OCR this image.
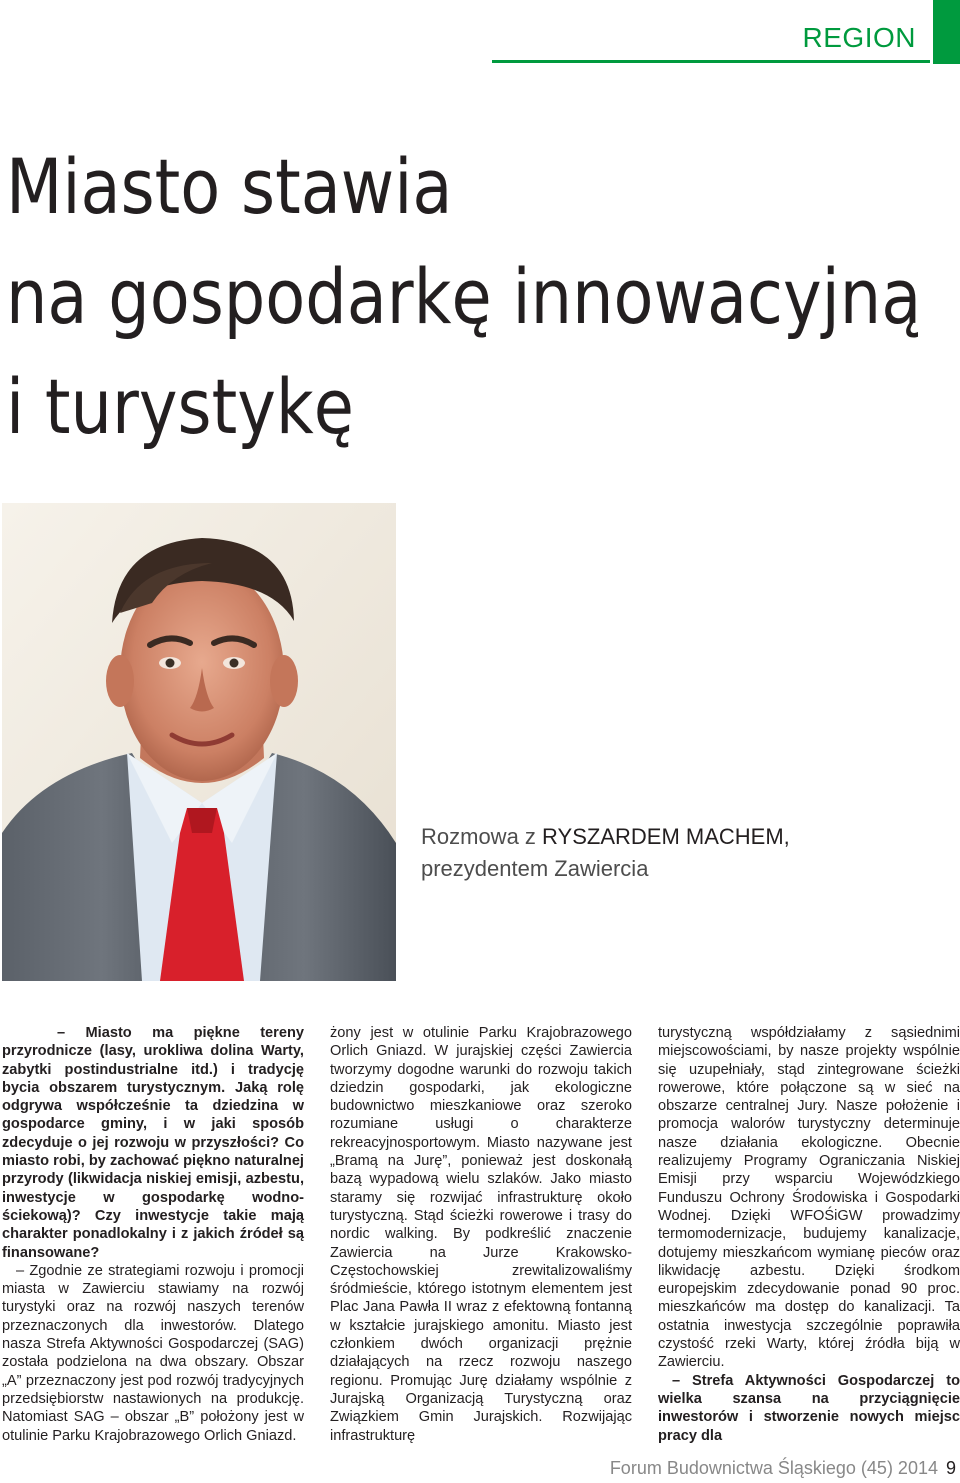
REGION
Miasto stawia
na gospodarkę innowacyjną
i turystykę
Rozmowa z RYSZARDEM MACHEM,
prezydentem Zawiercia

– Miasto ma piękne tereny przyrodnicze (lasy, urokliwa dolina Warty, zabytki postindustrialne itd.) i tradycję bycia obszarem turystycznym. Jaką rolę odgrywa współcześnie ta dziedzina w gospodarce gminy, i w jaki sposób zdecyduje o jej rozwoju w przyszłości? Co miasto robi, by zachować piękno naturalnej przyrody (likwidacja niskiej emisji, azbestu, inwestycje w gospodarkę wodno-ściekową)? Czy inwestycje takie mają charakter ponadlokalny i z jakich źródeł są finansowane?

– Zgodnie ze strategiami rozwoju i promocji miasta w Zawierciu stawiamy na rozwój turystyki oraz na rozwój naszych terenów przeznaczonych dla inwestorów. Dlatego nasza Strefa Aktywności Gospodarczej (SAG) została podzielona na dwa obszary. Obszar „A” przeznaczony jest pod rozwój tradycyjnych przedsiębiorstw nastawionych na produkcję. Natomiast SAG – obszar „B” położony jest w otulinie Parku Krajobrazowego Orlich Gniazd.

żony jest w otulinie Parku Krajobrazowego Orlich Gniazd. W jurajskiej części Zawiercia tworzymy dogodne warunki do rozwoju takich dziedzin gospodarki, jak ekologiczne budownictwo mieszkaniowe oraz szeroko rozumiane usługi o charakterze rekreacyjnosportowym. Miasto nazywane jest „Bramą na Jurę”, ponieważ jest doskonałą bazą wypadową wielu szlaków. Jako miasto staramy się rozwijać infrastrukturę około turystyczną. Stąd ścieżki rowerowe i trasy do nordic walking. By podkreślić znaczenie Zawiercia na Jurze Krakowsko-Częstochowskiej zrewitalizowaliśmy śródmieście, którego istotnym elementem jest Plac Jana Pawła II wraz z efektowną fontanną w kształcie jurajskiego amonitu. Miasto jest członkiem dwóch organizacji prężnie działających na rzecz rozwoju naszego regionu. Promując Jurę działamy wspólnie z Jurajską Organizacją Turystyczną oraz Związkiem Gmin Jurajskich. Rozwijając infrastrukturę

turystyczną współdziałamy z sąsiednimi miejscowościami, by nasze projekty wspólnie się uzupełniały, stąd zintegrowane ścieżki rowerowe, które połączone są w sieć na obszarze centralnej Jury. Nasze położenie i promocja walorów turystyczny determinuje nasze działania ekologiczne. Obecnie realizujemy Programy Ograniczania Niskiej Emisji przy wsparciu Wojewódzkiego Funduszu Ochrony Środowiska i Gospodarki Wodnej. Dzięki WFOŚiGW prowadzimy termomodernizacje, budujemy kanalizacje, dotujemy mieszkańcom wymianę pieców oraz likwidację azbestu. Dzięki środkom europejskim zdecydowanie ponad 90 proc. mieszkańców ma dostęp do kanalizacji. Ta ostatnia inwestycja szczególnie poprawiła czystość rzeki Warty, której źródła biją w Zawierciu.

– Strefa Aktywności Gospodarczej to wielka szansa na przyciągnięcie inwestorów i stworzenie nowych miejsc pracy dla

Forum Budownictwa Śląskiego (45) 2014 9
